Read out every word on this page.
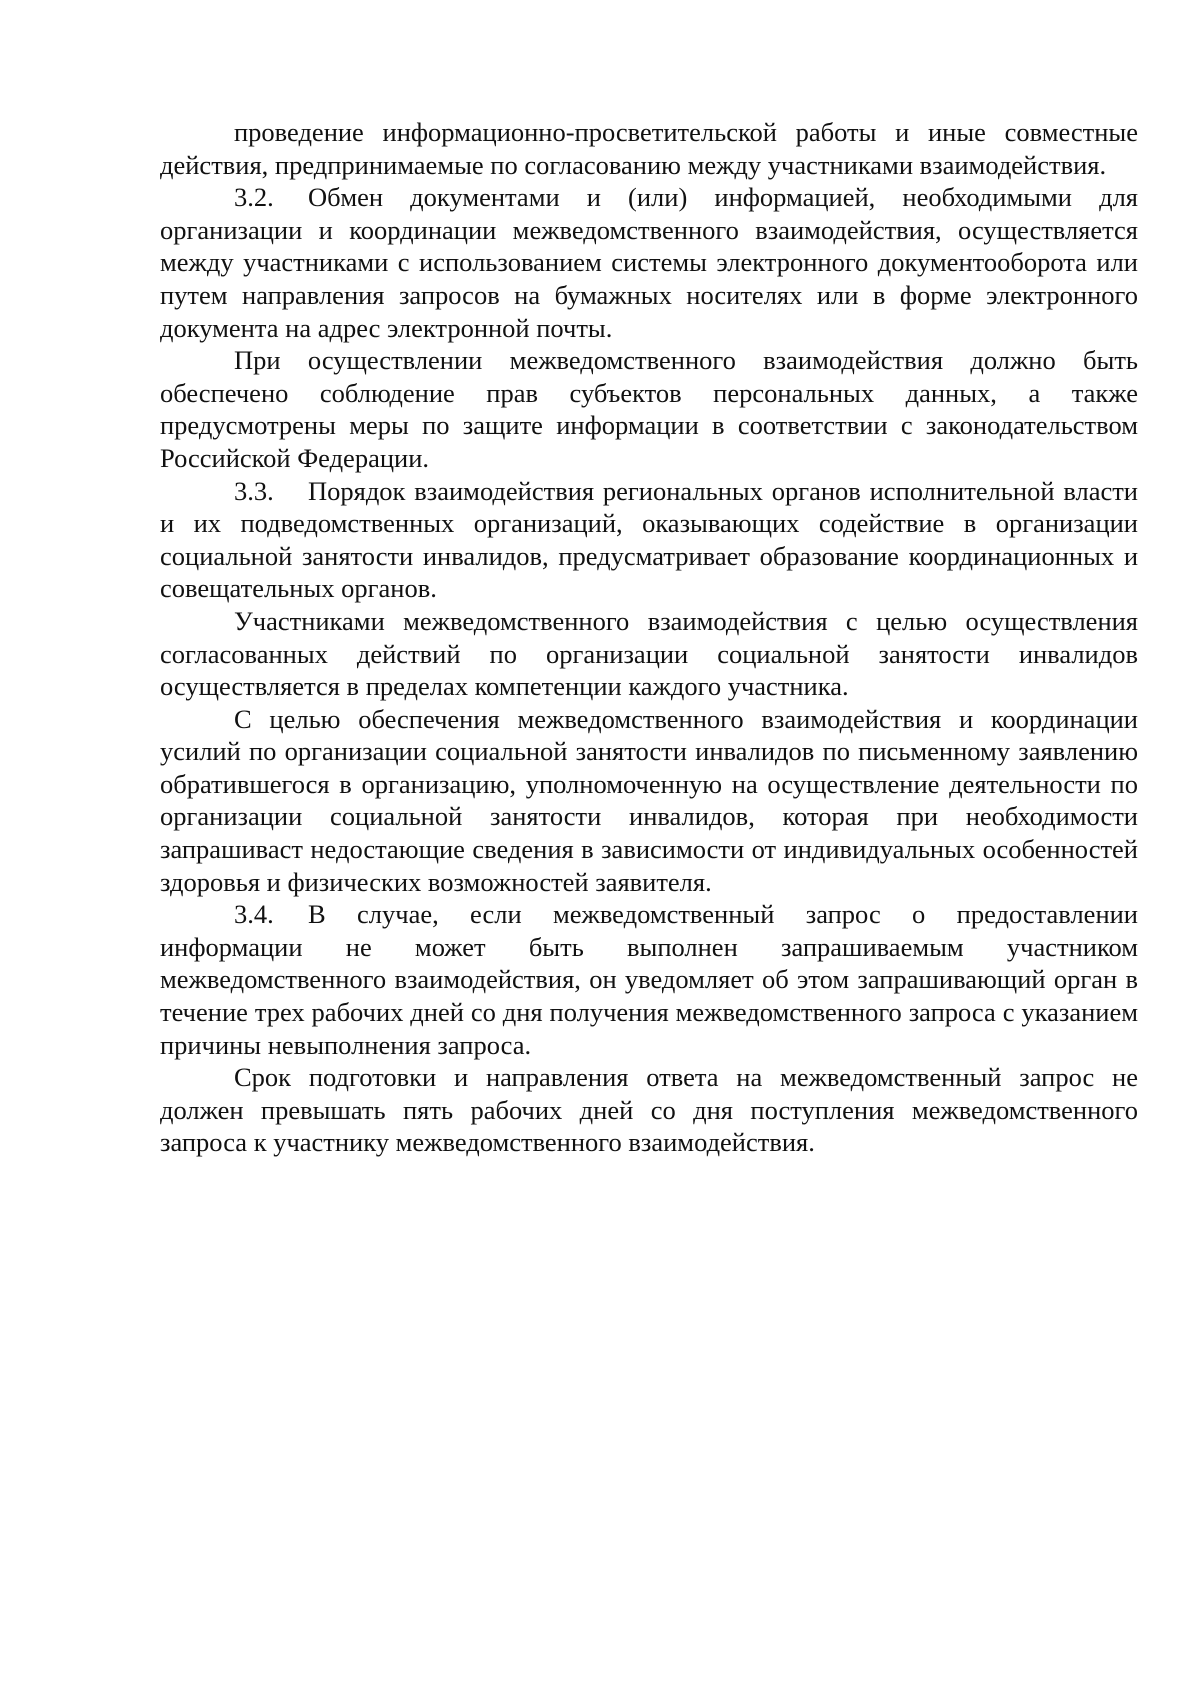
проведение информационно-просветительской работы и иные совместные действия, предпринимаемые по согласованию между участниками взаимодействия.

3.2. Обмен документами и (или) информацией, необходимыми для организации и координации межведомственного взаимодействия, осуществляется между участниками с использованием системы электронного документооборота или путем направления запросов на бумажных носителях или в форме электронного документа на адрес электронной почты.

При осуществлении межведомственного взаимодействия должно быть обеспечено соблюдение прав субъектов персональных данных, а также предусмотрены меры по защите информации в соответствии с законодательством Российской Федерации.

3.3. Порядок взаимодействия региональных органов исполнительной власти и их подведомственных организаций, оказывающих содействие в организации социальной занятости инвалидов, предусматривает образование координационных и совещательных органов.

Участниками межведомственного взаимодействия с целью осуществления согласованных действий по организации социальной занятости инвалидов осуществляется в пределах компетенции каждого участника.

С целью обеспечения межведомственного взаимодействия и координации усилий по организации социальной занятости инвалидов по письменному заявлению обратившегося в организацию, уполномоченную на осуществление деятельности по организации социальной занятости инвалидов, которая при необходимости запрашиваст недостающие сведения в зависимости от индивидуальных особенностей здоровья и физических возможностей заявителя.

3.4. В случае, если межведомственный запрос о предоставлении информации не может быть выполнен запрашиваемым участником межведомственного взаимодействия, он уведомляет об этом запрашивающий орган в течение трех рабочих дней со дня получения межведомственного запроса с указанием причины невыполнения запроса.

Срок подготовки и направления ответа на межведомственный запрос не должен превышать пять рабочих дней со дня поступления межведомственного запроса к участнику межведомственного взаимодействия.
